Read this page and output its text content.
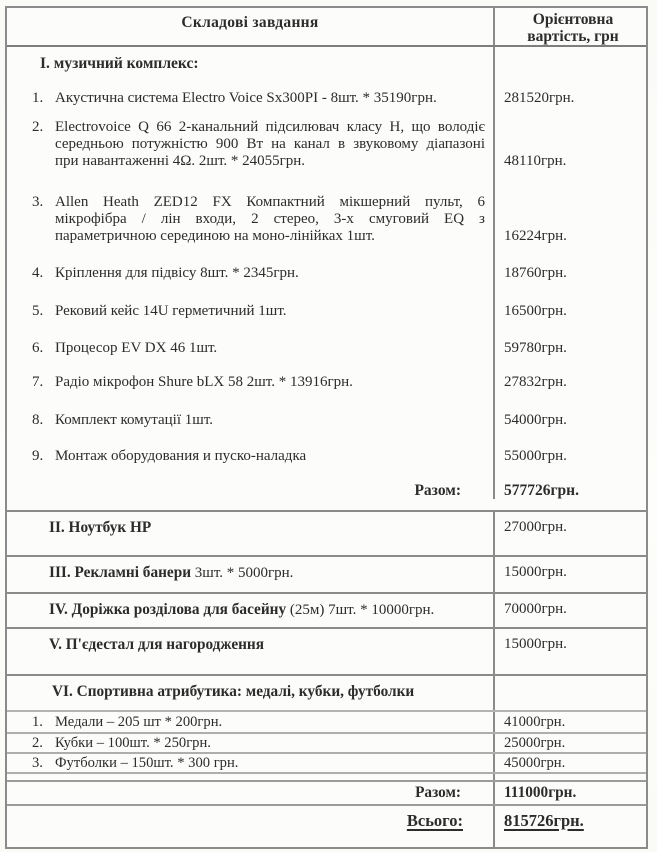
Складові завдання	Орієнтовна
вартість, грн
І. музичний комплекс:
1. Акустична система Electro Voice Sx300PI - 8шт. * 35190грн.	281520грн.
2. Electrovoice Q 66 2-канальний підсилювач класу Н, що володіє
середньою потужністю 900 Вт на канал в звуковому діапазоні
при навантаженні 4Ω. 2шт. * 24055грн.	48110грн.
3. Allen Heath ZED12 FX Компактний мікшерний пульт, 6
мікрофібра / лін входи, 2 стерео, 3-х смуговий EQ з
параметричною серединою на моно-лінійках 1шт.	16224грн.
4. Кріплення для підвісу 8шт. * 2345грн.	18760грн.
5. Рековий кейс 14U герметичний 1шт.	16500грн.
6. Процесор EV DX 46 1шт.	59780грн.
7. Радіо мікрофон Shure bLX 58 2шт. * 13916грн.	27832грн.
8. Комплект комутації 1шт.	54000грн.
9. Монтаж оборудования и пуско-наладка	55000грн.
Разом:	577726грн.
ІІ. Ноутбук НР	27000грн.
ІІІ. Рекламні банери 3шт. * 5000грн.	15000грн.
ІV. Доріжка розділова для басейну (25м) 7шт. * 10000грн.	70000грн.
V. П'єдестал для нагородження	15000грн.
VІ. Спортивна атрибутика: медалі, кубки, футболки
1. Медали – 205 шт * 200грн.	41000грн.
2. Кубки – 100шт. * 250грн.	25000грн.
3. Футболки – 150шт. * 300 грн.	45000грн.
Разом:	111000грн.
Всього:	815726грн.
